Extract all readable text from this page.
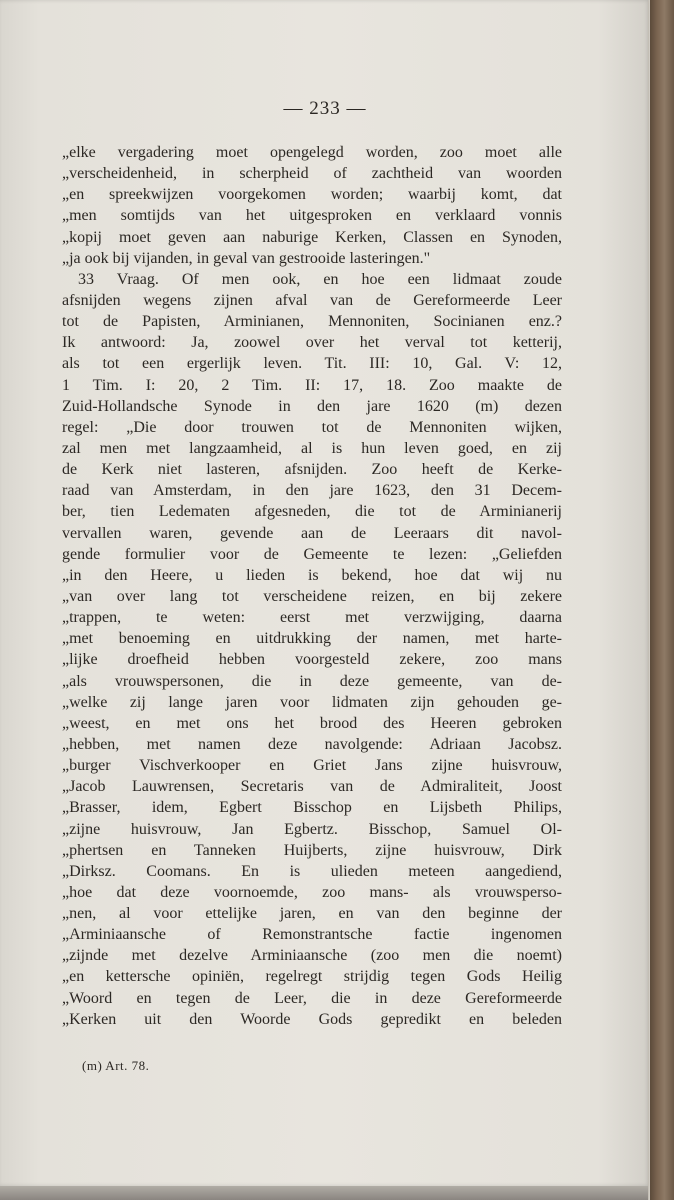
— 233 —
„elke vergadering moet opengelegd worden, zoo moet alle
„verscheidenheid, in scherpheid of zachtheid van woorden
„en spreekwijzen voorgekomen worden; waarbij komt, dat
„men somtijds van het uitgesproken en verklaard vonnis
„kopij moet geven aan naburige Kerken, Classen en Synoden,
„ja ook bij vijanden, in geval van gestrooide lasteringen."
33 Vraag. Of men ook, en hoe een lidmaat zoude
afsnijden wegens zijnen afval van de Gereformeerde Leer
tot de Papisten, Arminianen, Mennoniten, Socinianen enz.?
Ik antwoord: Ja, zoowel over het verval tot ketterij,
als tot een ergerlijk leven. Tit. III: 10, Gal. V: 12,
1 Tim. I: 20, 2 Tim. II: 17, 18. Zoo maakte de
Zuid-Hollandsche Synode in den jare 1620 (m) dezen
regel: „Die door trouwen tot de Mennoniten wijken,
zal men met langzaamheid, al is hun leven goed, en zij
de Kerk niet lasteren, afsnijden. Zoo heeft de Kerke-
raad van Amsterdam, in den jare 1623, den 31 Decem-
ber, tien Ledematen afgesneden, die tot de Arminianerij
vervallen waren, gevende aan de Leeraars dit navol-
gende formulier voor de Gemeente te lezen: „Geliefden
„in den Heere, u lieden is bekend, hoe dat wij nu
„van over lang tot verscheidene reizen, en bij zekere
„trappen, te weten: eerst met verzwijging, daarna
„met benoeming en uitdrukking der namen, met harte-
„lijke droefheid hebben voorgesteld zekere, zoo mans
„als vrouwspersonen, die in deze gemeente, van de-
„welke zij lange jaren voor lidmaten zijn gehouden ge-
„weest, en met ons het brood des Heeren gebroken
„hebben, met namen deze navolgende: Adriaan Jacobsz.
„burger Vischverkooper en Griet Jans zijne huisvrouw,
„Jacob Lauwrensen, Secretaris van de Admiraliteit, Joost
„Brasser, idem, Egbert Bisschop en Lijsbeth Philips,
„zijne huisvrouw, Jan Egbertz. Bisschop, Samuel Ol-
„phertsen en Tanneken Huijberts, zijne huisvrouw, Dirk
„Dirksz. Coomans. En is ulieden meteen aangediend,
„hoe dat deze voornoemde, zoo mans- als vrouwsperso-
„nen, al voor ettelijke jaren, en van den beginne der
„Arminiaansche of Remonstrantsche factie ingenomen
„zijnde met dezelve Arminiaansche (zoo men die noemt)
„en kettersche opiniën, regelregt strijdig tegen Gods Heilig
„Woord en tegen de Leer, die in deze Gereformeerde
„Kerken uit den Woorde Gods gepredikt en beleden
(m) Art. 78.
